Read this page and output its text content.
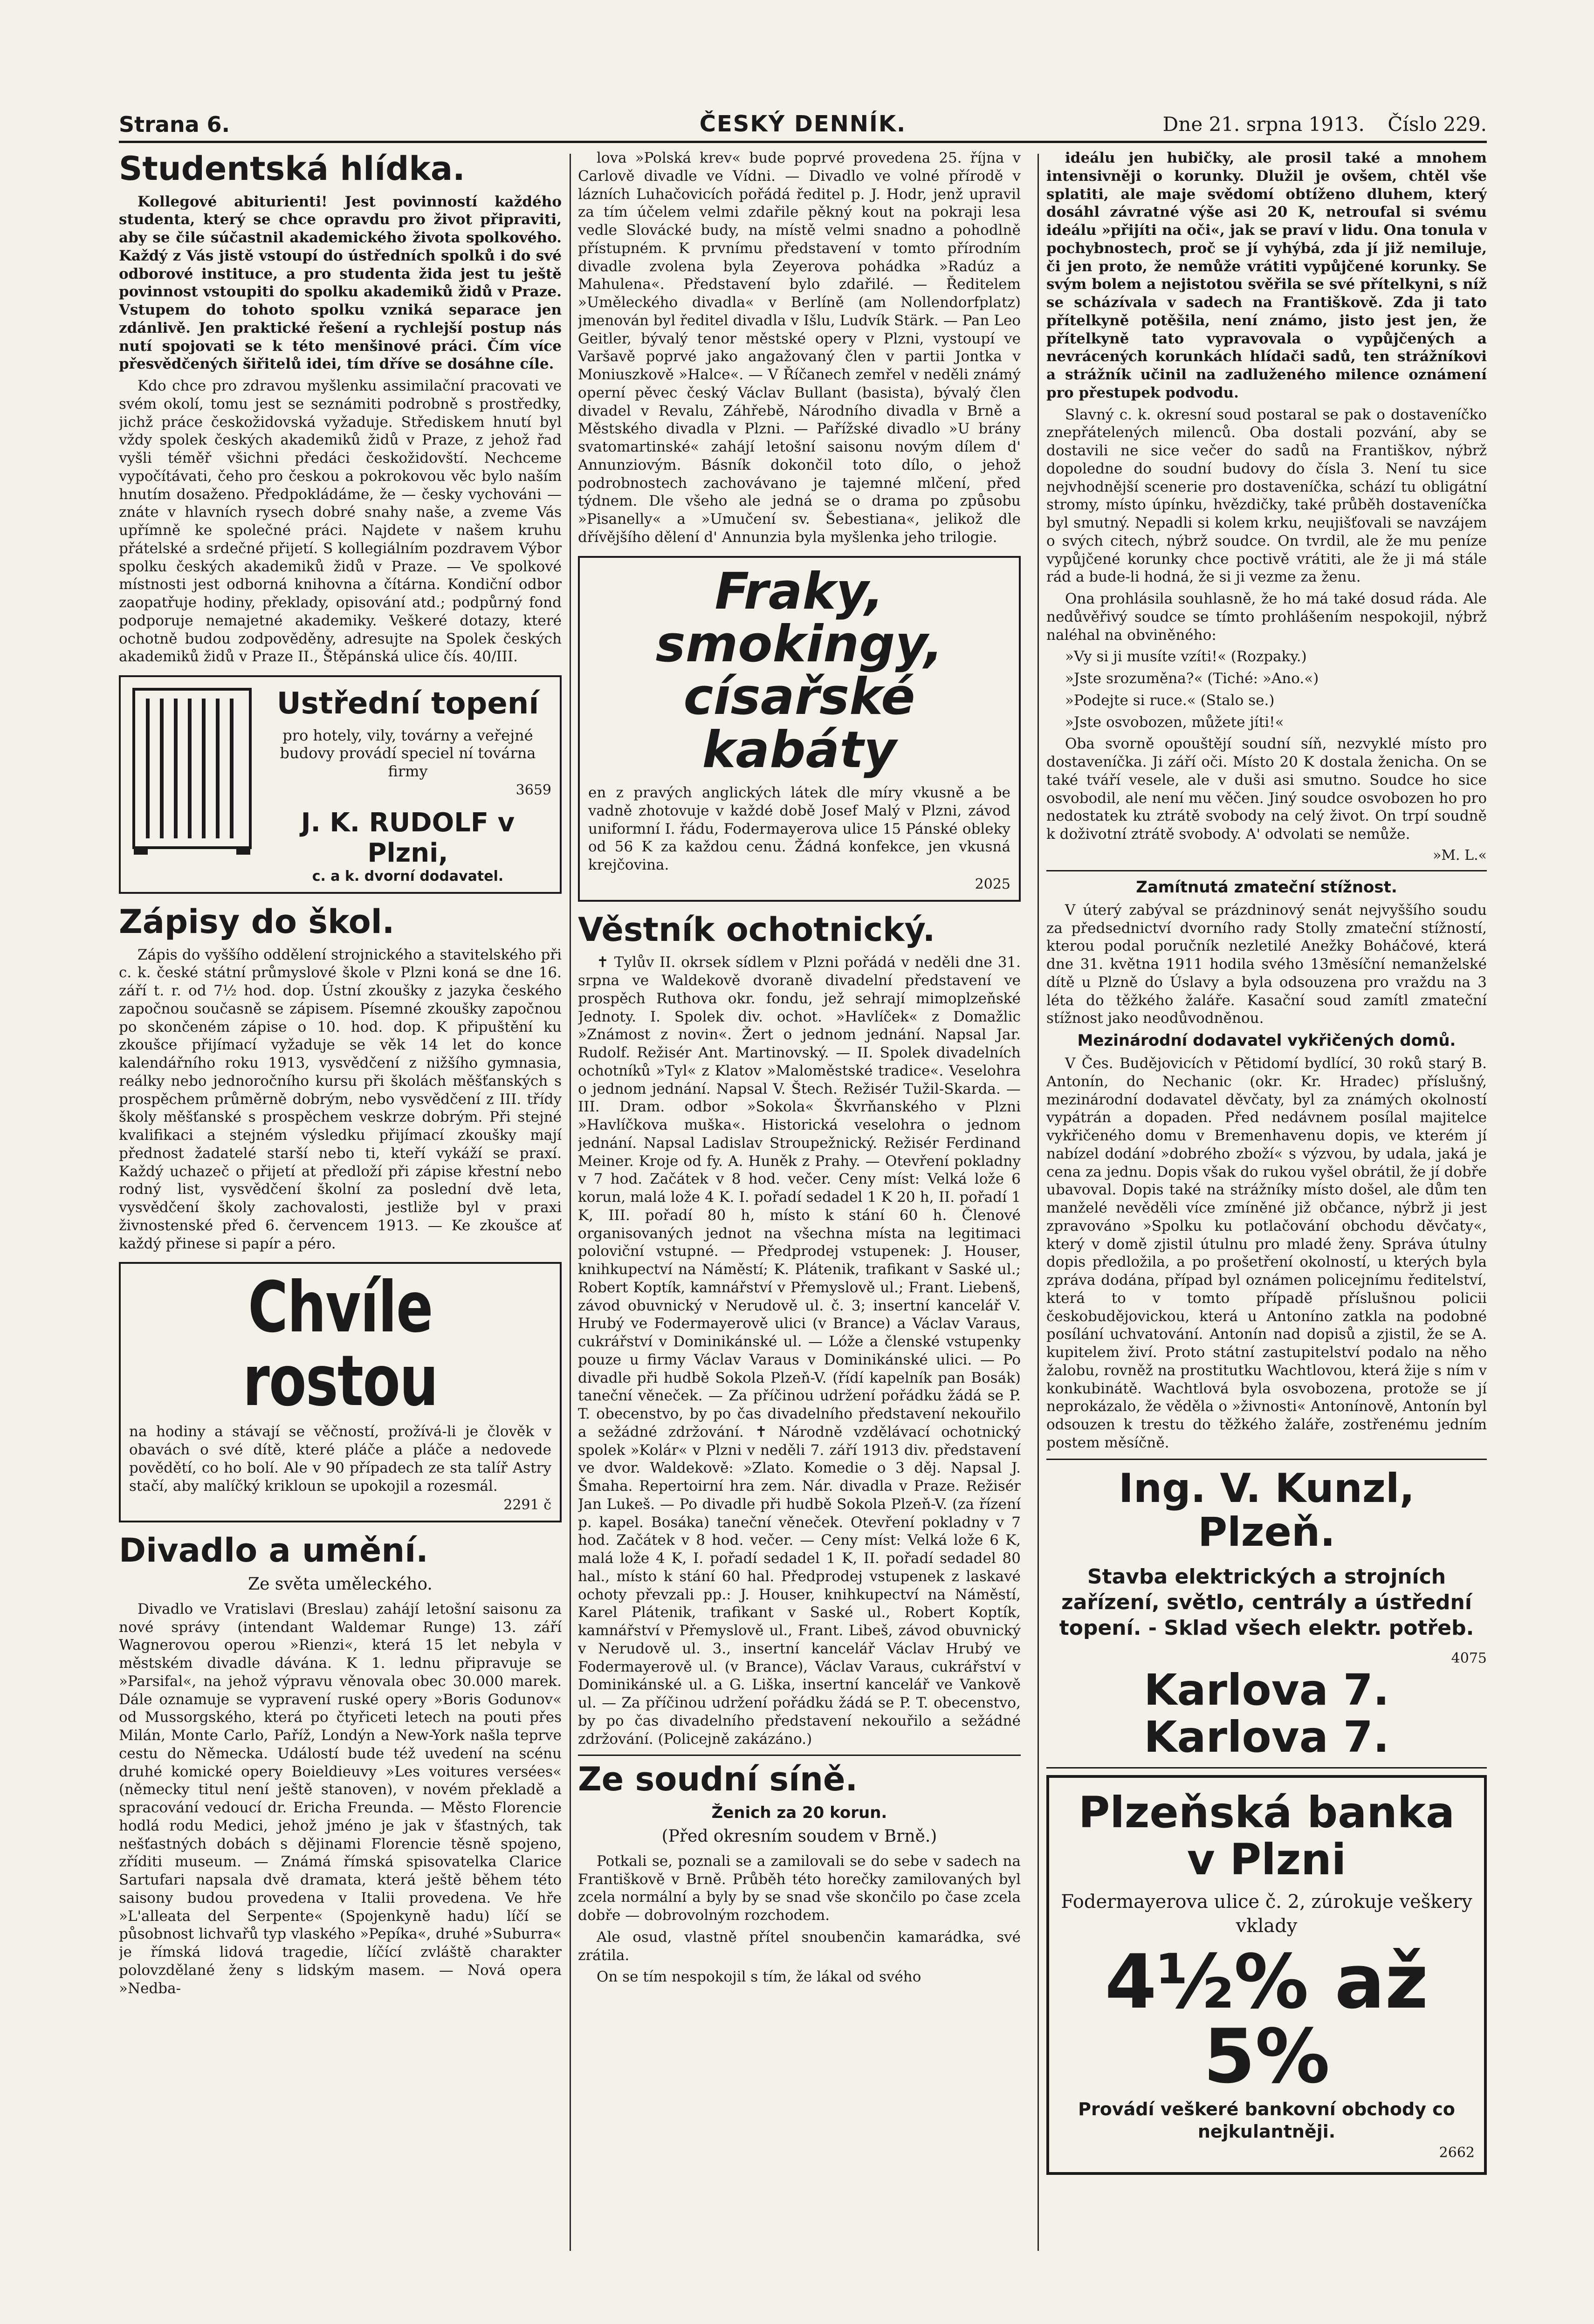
Strana 6.	ČESKÝ DENNÍK.	Dne 21. srpna 1913. Číslo 229.
Studentská hlídka.

Kollegové abiturienti! Jest povinností každého studenta, který se chce opravdu pro život připraviti, aby se čile súčastnil akademického života spolkového. Každý z Vás jistě vstoupí do ústředních spolků i do své odborové instituce, a pro studenta žida jest tu ještě povinnost vstoupiti do spolku akademiků židů v Praze. Vstupem do tohoto spolku vzniká separace jen zdánlivě. Jen praktické řešení a rychlejší postup nás nutí spojovati se k této menšinové práci. Čím více přesvědčených šiřitelů idei, tím dříve se dosáhne cíle.

Kdo chce pro zdravou myšlenku assimilační pracovati ve svém okolí, tomu jest se seznámiti podrobně s prostředky, jichž práce českožidovská vyžaduje. Střediskem hnutí byl vždy spolek českých akademiků židů v Praze, z jehož řad vyšli téměř všichni předáci českožidovští. Nechceme vypočítávati, čeho pro českou a pokrokovou věc bylo naším hnutím dosaženo. Předpokládáme, že — česky vychováni — znáte v hlavních rysech dobré snahy naše, a zveme Vás upřímně ke společné práci. Najdete v našem kruhu přátelské a srdečné přijetí. S kollegiálním pozdravem Výbor spolku českých akademiků židů v Praze. — Ve spolkové místnosti jest odborná knihovna a čítárna. Kondiční odbor zaopatřuje hodiny, překlady, opisování atd.; podpůrný fond podporuje nemajetné akademiky. Veškeré dotazy, které ochotně budou zodpověděny, adresujte na Spolek českých akademiků židů v Praze II., Štěpánská ulice čís. 40/III.

Ustřední topení
pro hotely, vily, továrny a veřejné budovy provádí speciel ní továrna firmy
3659
J. K. RUDOLF v Plzni,
c. a k. dvorní dodavatel.
Zápisy do škol.

Zápis do vyššího oddělení strojnického a stavitelského při c. k. české státní průmyslové škole v Plzni koná se dne 16. září t. r. od 7½ hod. dop. Ústní zkoušky z jazyka českého započnou současně se zápisem. Písemné zkoušky započnou po skončeném zápise o 10. hod. dop. K připuštění ku zkoušce přijímací vyžaduje se věk 14 let do konce kalendářního roku 1913, vysvědčení z nižšího gymnasia, reálky nebo jednoročního kursu při školách měšťanských s prospěchem průměrně dobrým, nebo vysvědčení z III. třídy školy měšťanské s prospěchem veskrze dobrým. Při stejné kvalifikaci a stejném výsledku přijímací zkoušky mají přednost žadatelé starší nebo ti, kteří vykáží se praxí. Každý uchazeč o přijetí at předloží při zápise křestní nebo rodný list, vysvědčení školní za poslední dvě leta, vysvědčení školy zachovalosti, jestliže byl v praxi živnostenské před 6. červencem 1913. — Ke zkoušce ať každý přinese si papír a péro.

Chvíle rostou
na hodiny a stávají se věčností, prožívá-li je člověk v obavách o své dítě, které pláče a pláče a nedovede povědětí, co ho bolí. Ale v 90 případech ze sta talíř Astry stačí, aby malíčký krikloun se upokojil a rozesmál.
2291 č
Divadlo a umění.
Ze světa uměleckého.

Divadlo ve Vratislavi (Breslau) zahájí letošní saisonu za nové správy (intendant Waldemar Runge) 13. září Wagnerovou operou »Rienzi«, která 15 let nebyla v městském divadle dávána. K 1. lednu připravuje se »Parsifal«, na jehož výpravu věnovala obec 30.000 marek. Dále oznamuje se vypravení ruské opery »Boris Godunov« od Mussorgského, která po čtyřiceti letech na pouti přes Milán, Monte Carlo, Paříž, Londýn a New-York našla teprve cestu do Německa. Událostí bude též uvedení na scénu druhé komické opery Boieldieuvy »Les voitures versées« (německy titul není ještě stanoven), v novém překladě a spracování vedoucí dr. Ericha Freunda. — Město Florencie hodlá rodu Medici, jehož jméno je jak v šťastných, tak nešťastných dobách s dějinami Florencie těsně spojeno, zříditi museum. — Známá římská spisovatelka Clarice Sartufari napsala dvě dramata, která ještě během této saisony budou provedena v Italii provedena. Ve hře »L'alleata del Serpente« (Spojenkyně hadu) líčí se působnost lichvařů typ vlaského »Pepíka«, druhé »Suburra« je římská lidová tragedie, líčící zvláště charakter polovzdělané ženy s lidským masem. — Nová opera »Nedba-

lova »Polská krev« bude poprvé provedena 25. října v Carlově divadle ve Vídni. — Divadlo ve volné přírodě v lázních Luhačovicích pořádá ředitel p. J. Hodr, jenž upravil za tím účelem velmi zdařile pěkný kout na pokraji lesa vedle Slovácké budy, na místě velmi snadno a pohodlně přístupném. K prvnímu představení v tomto přírodním divadle zvolena byla Zeyerova pohádka »Radúz a Mahulena«. Představení bylo zdařilé. — Ředitelem »Uměleckého divadla« v Berlíně (am Nollendorfplatz) jmenován byl ředitel divadla v Išlu, Ludvík Stärk. — Pan Leo Geitler, bývalý tenor městské opery v Plzni, vystoupí ve Varšavě poprvé jako angažovaný člen v partii Jontka v Moniuszkově »Halce«. — V Říčanech zemřel v neděli známý operní pěvec český Václav Bullant (basista), bývalý člen divadel v Revalu, Záhřebě, Národního divadla v Brně a Městského divadla v Plzni. — Pařížské divadlo »U brány svatomartinské« zahájí letošní saisonu novým dílem d' Annunziovým. Básník dokončil toto dílo, o jehož podrobnostech zachovávano je tajemné mlčení, před týdnem. Dle všeho ale jedná se o drama po způsobu »Pisanelly« a »Umučení sv. Šebestiana«, jelikož dle dřívějšího dělení d' Annunzia byla myšlenka jeho trilogie.

Fraky, smokingy, císařské kabáty
en z pravých anglických látek dle míry vkusně a be vadně zhotovuje v každé době Josef Malý v Plzni, závod uniformní I. řádu, Fodermayerova ulice 15 Pánské obleky od 56 K za každou cenu. Žádná konfekce, jen vkusná krejčovina.
2025
Věstník ochotnický.

✝ Tylův II. okrsek sídlem v Plzni pořádá v neděli dne 31. srpna ve Waldekově dvoraně divadelní představení ve prospěch Ruthova okr. fondu, jež sehrají mimoplzeňské Jednoty. I. Spolek div. ochot. »Havlíček« z Domažlic »Známost z novin«. Žert o jednom jednání. Napsal Jar. Rudolf. Režisér Ant. Martinovský. — II. Spolek divadelních ochotníků »Tyl« z Klatov »Maloměstské tradice«. Veselohra o jednom jednání. Napsal V. Štech. Režisér Tužil-Skarda. — III. Dram. odbor »Sokola« Škvrňanského v Plzni »Havlíčkova muška«. Historická veselohra o jednom jednání. Napsal Ladislav Stroupežnický. Režisér Ferdinand Meiner. Kroje od fy. A. Huněk z Prahy. — Otevření pokladny v 7 hod. Začátek v 8 hod. večer. Ceny míst: Velká lože 6 korun, malá lože 4 K. I. pořadí sedadel 1 K 20 h, II. pořadí 1 K, III. pořadí 80 h, místo k stání 60 h. Členové organisovaných jednot na všechna místa na legitimaci poloviční vstupné. — Předprodej vstupenek: J. Houser, knihkupectví na Náměstí; K. Plátenik, trafikant v Saské ul.; Robert Koptík, kamnářství v Přemyslově ul.; Frant. Liebenš, závod obuvnický v Nerudově ul. č. 3; insertní kancelář V. Hrubý ve Fodermayerově ulici (v Brance) a Václav Varaus, cukrářství v Dominikánské ul. — Lóže a členské vstupenky pouze u firmy Václav Varaus v Dominikánské ulici. — Po divadle při hudbě Sokola Plzeň-V. (řídí kapelník pan Bosák) taneční věneček. — Za příčinou udržení pořádku žádá se P. T. obecenstvo, by po čas divadelního představení nekouřilo a sežádné zdržování. ✝ Národně vzdělávací ochotnický spolek »Kolár« v Plzni v neděli 7. září 1913 div. představení ve dvor. Waldekově: »Zlato. Komedie o 3 děj. Napsal J. Šmaha. Repertoirní hra zem. Nár. divadla v Praze. Režisér Jan Lukeš. — Po divadle při hudbě Sokola Plzeň-V. (za řízení p. kapel. Bosáka) taneční věneček. Otevření pokladny v 7 hod. Začátek v 8 hod. večer. — Ceny míst: Velká lože 6 K, malá lože 4 K, I. pořadí sedadel 1 K, II. pořadí sedadel 80 hal., místo k stání 60 hal. Předprodej vstupenek z laskavé ochoty převzali pp.: J. Houser, knihkupectví na Náměstí, Karel Plátenik, trafikant v Saské ul., Robert Koptík, kamnářství v Přemyslově ul., Frant. Libeš, závod obuvnický v Nerudově ul. 3., insertní kancelář Václav Hrubý ve Fodermayerově ul. (v Brance), Václav Varaus, cukrářství v Dominikánské ul. a G. Liška, insertní kancelář ve Vankově ul. — Za příčinou udržení pořádku žádá se P. T. obecenstvo, by po čas divadelního představení nekouřilo a sežádné zdržování. (Policejně zakázáno.)

Ze soudní síně.
Ženich za 20 korun.
(Před okresním soudem v Brně.)

Potkali se, poznali se a zamilovali se do sebe v sadech na Františkově v Brně. Průběh této horečky zamilovaných byl zcela normální a byly by se snad vše skončilo po čase zcela dobře — dobrovolným rozchodem.

Ale osud, vlastně přítel snoubenčin kamarádka, své zrátila.

On se tím nespokojil s tím, že lákal od svého

ideálu jen hubičky, ale prosil také a mnohem intensivněji o korunky. Dlužil je ovšem, chtěl vše splatiti, ale maje svědomí obtíženo dluhem, který dosáhl závratné výše asi 20 K, netroufal si svému ideálu »přijíti na oči«, jak se praví v lidu. Ona tonula v pochybnostech, proč se jí vyhýbá, zda jí již nemiluje, či jen proto, že nemůže vrátiti vypůjčené korunky. Se svým bolem a nejistotou svěřila se své přítelkyni, s níž se scházívala v sadech na Františkově. Zda ji tato přítelkyně potěšila, není známo, jisto jest jen, že přítelkyně tato vypravovala o vypůjčených a nevrácených korunkách hlídači sadů, ten strážníkovi a strážník učinil na zadluženého milence oznámení pro přestupek podvodu.

Slavný c. k. okresní soud postaral se pak o dostaveníčko znepřátelených milenců. Oba dostali pozvání, aby se dostavili ne sice večer do sadů na Františkov, nýbrž dopoledne do soudní budovy do čísla 3. Není tu sice nejvhodnější scenerie pro dostaveníčka, schází tu obligátní stromy, místo úpínku, hvězdičky, také průběh dostaveníčka byl smutný. Nepadli si kolem krku, neujišťovali se navzájem o svých citech, nýbrž soudce. On tvrdil, ale že mu peníze vypůjčené korunky chce poctivě vrátiti, ale že ji má stále rád a bude-li hodná, že si ji vezme za ženu.

Ona prohlásila souhlasně, že ho má také dosud ráda. Ale nedůvěřivý soudce se tímto prohlášením nespokojil, nýbrž naléhal na obviněného:

»Vy si ji musíte vzíti!« (Rozpaky.)

»Jste srozuměna?« (Tiché: »Ano.«)

»Podejte si ruce.« (Stalo se.)

»Jste osvobozen, můžete jíti!«

Oba svorně opouštějí soudní síň, nezvyklé místo pro dostaveníčka. Ji září oči. Místo 20 K dostala ženicha. On se také tváří vesele, ale v duši asi smutno. Soudce ho sice osvobodil, ale není mu věčen. Jiný soudce osvobozen ho pro nedostatek ku ztrátě svobody na celý život. On trpí soudně k doživotní ztrátě svobody. A' odvolati se nemůže.

»M. L.«
Zamítnutá zmateční stížnost.

V úterý zabýval se prázdninový senát nejvyššího soudu za předsednictví dvorního rady Stolly zmateční stížností, kterou podal poručník nezletilé Anežky Boháčové, která dne 31. května 1911 hodila svého 13měsíční nemanželské dítě u Plzně do Úslavy a byla odsouzena pro vraždu na 3 léta do těžkého žaláře. Kasační soud zamítl zmateční stížnost jako neodůvodněnou.

Mezinárodní dodavatel vykřičených domů.

V Čes. Budějovicích v Pětidomí bydlící, 30 roků starý B. Antonín, do Nechanic (okr. Kr. Hradec) příslušný, mezinárodní dodavatel děvčaty, byl za známých okolností vypátrán a dopaden. Před nedávnem posílal majitelce vykřičeného domu v Bremenhavenu dopis, ve kterém jí nabízel dodání »dobrého zboží« s výzvou, by udala, jaká je cena za jednu. Dopis však do rukou vyšel obrátil, že jí dobře ubavoval. Dopis také na strážníky místo došel, ale dům ten manželé nevěděli více zmíněné již občance, nýbrž ji jest zpravováno »Spolku ku potlačování obchodu děvčaty«, který v domě zjistil útulnu pro mladé ženy. Správa útulny dopis předložila, a po prošetření okolností, u kterých byla zpráva dodána, případ byl oznámen policejnímu ředitelství, která to v tomto případě příslušnou policii českobudějovickou, která u Antoníno zatkla na podobné posílání uchvatování. Antonín nad dopisů a zjistil, že se A. kupitelem živí. Proto státní zastupitelství podalo na něho žalobu, rovněž na prostitutku Wachtlovou, která žije s ním v konkubinátě. Wachtlová byla osvobozena, protože se jí neprokázalo, že věděla o »živnosti« Antonínově, Antonín byl odsouzen k trestu do těžkého žaláře, zostřenému jedním postem měsíčně.

Ing. V. Kunzl, Plzeň.
Stavba elektrických a strojních zařízení, světlo, centrály a ústřední topení. - Sklad všech elektr. potřeb.
4075
Karlova 7. Karlova 7.
Plzeňská banka v Plzni
Fodermayerova ulice č. 2, zúrokuje veškery vklady
4½% až 5%
Provádí veškeré bankovní obchody co nejkulantněji.
2662
